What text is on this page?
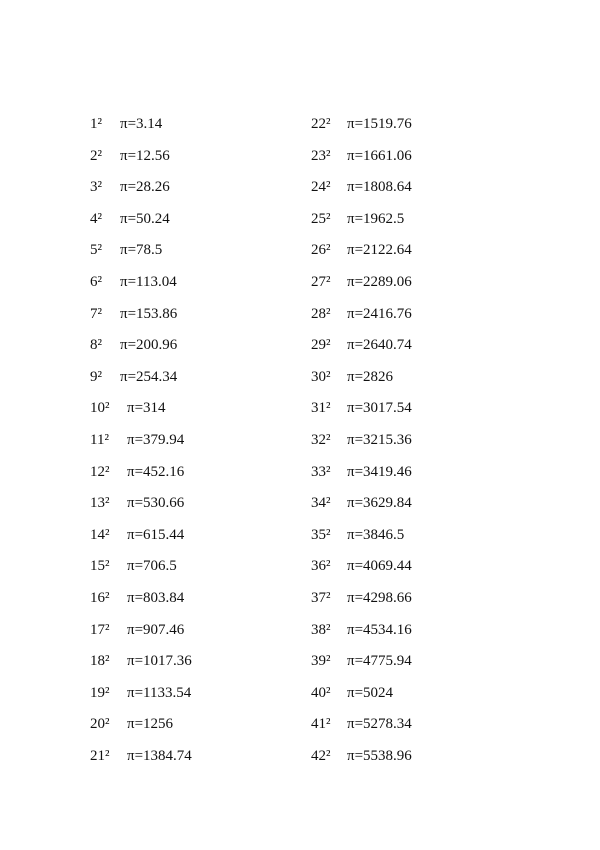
1² π=3.14
2² π=12.56
3² π=28.26
4² π=50.24
5² π=78.5
6² π=113.04
7² π=153.86
8² π=200.96
9² π=254.34
10² π=314
11² π=379.94
12² π=452.16
13² π=530.66
14² π=615.44
15² π=706.5
16² π=803.84
17² π=907.46
18² π=1017.36
19² π=1133.54
20² π=1256
21² π=1384.74
22² π=1519.76
23² π=1661.06
24² π=1808.64
25² π=1962.5
26² π=2122.64
27² π=2289.06
28² π=2416.76
29² π=2640.74
30² π=2826
31² π=3017.54
32² π=3215.36
33² π=3419.46
34² π=3629.84
35² π=3846.5
36² π=4069.44
37² π=4298.66
38² π=4534.16
39² π=4775.94
40² π=5024
41² π=5278.34
42² π=5538.96
